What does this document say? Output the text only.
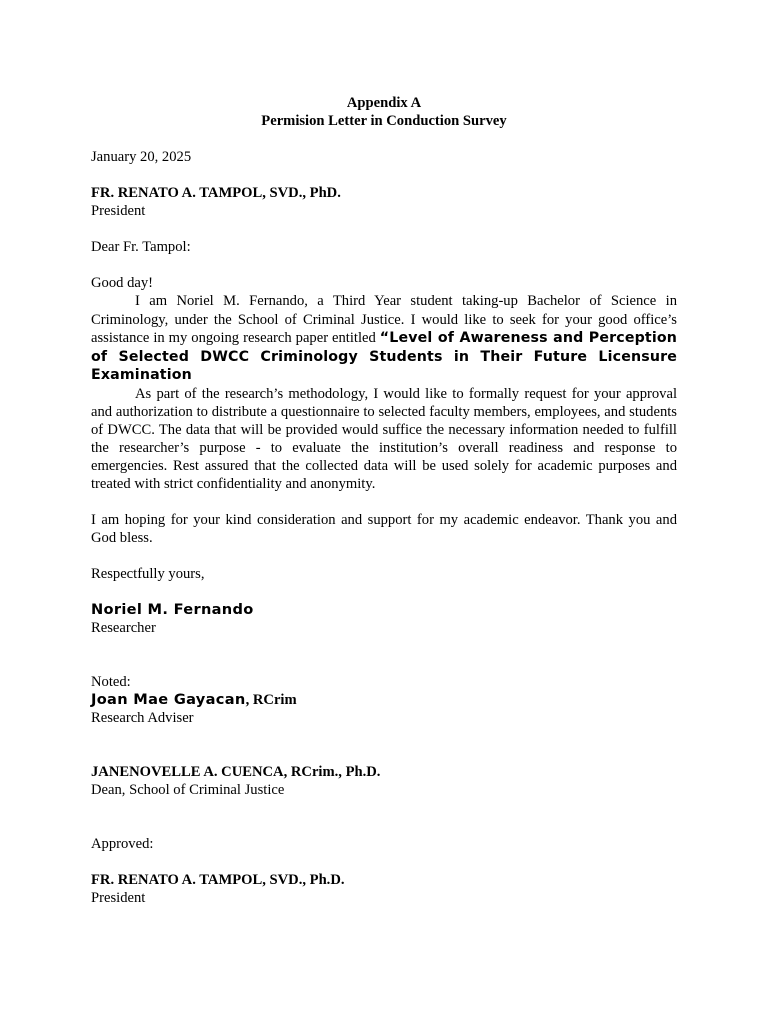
Appendix A

Permision Letter in Conduction Survey

January 20, 2025

FR. RENATO A. TAMPOL, SVD., PhD.

President

Dear Fr. Tampol:

Good day!

I am Noriel M. Fernando, a Third Year student taking-up Bachelor of Science in Criminology, under the School of Criminal Justice. I would like to seek for your good office’s assistance in my ongoing research paper entitled “Level of Awareness and Perception of Selected DWCC Criminology Students in Their Future Licensure Examination

As part of the research’s methodology, I would like to formally request for your approval and authorization to distribute a questionnaire to selected faculty members, employees, and students of DWCC. The data that will be provided would suffice the necessary information needed to fulfill the researcher’s purpose - to evaluate the institution’s overall readiness and response to emergencies. Rest assured that the collected data will be used solely for academic purposes and treated with strict confidentiality and anonymity.

I am hoping for your kind consideration and support for my academic endeavor. Thank you and God bless.

Respectfully yours,

Noriel M. Fernando

Researcher

Noted:

Joan Mae Gayacan, RCrim

Research Adviser

JANENOVELLE A. CUENCA, RCrim., Ph.D.

Dean, School of Criminal Justice

Approved:

FR. RENATO A. TAMPOL, SVD., Ph.D.

President
